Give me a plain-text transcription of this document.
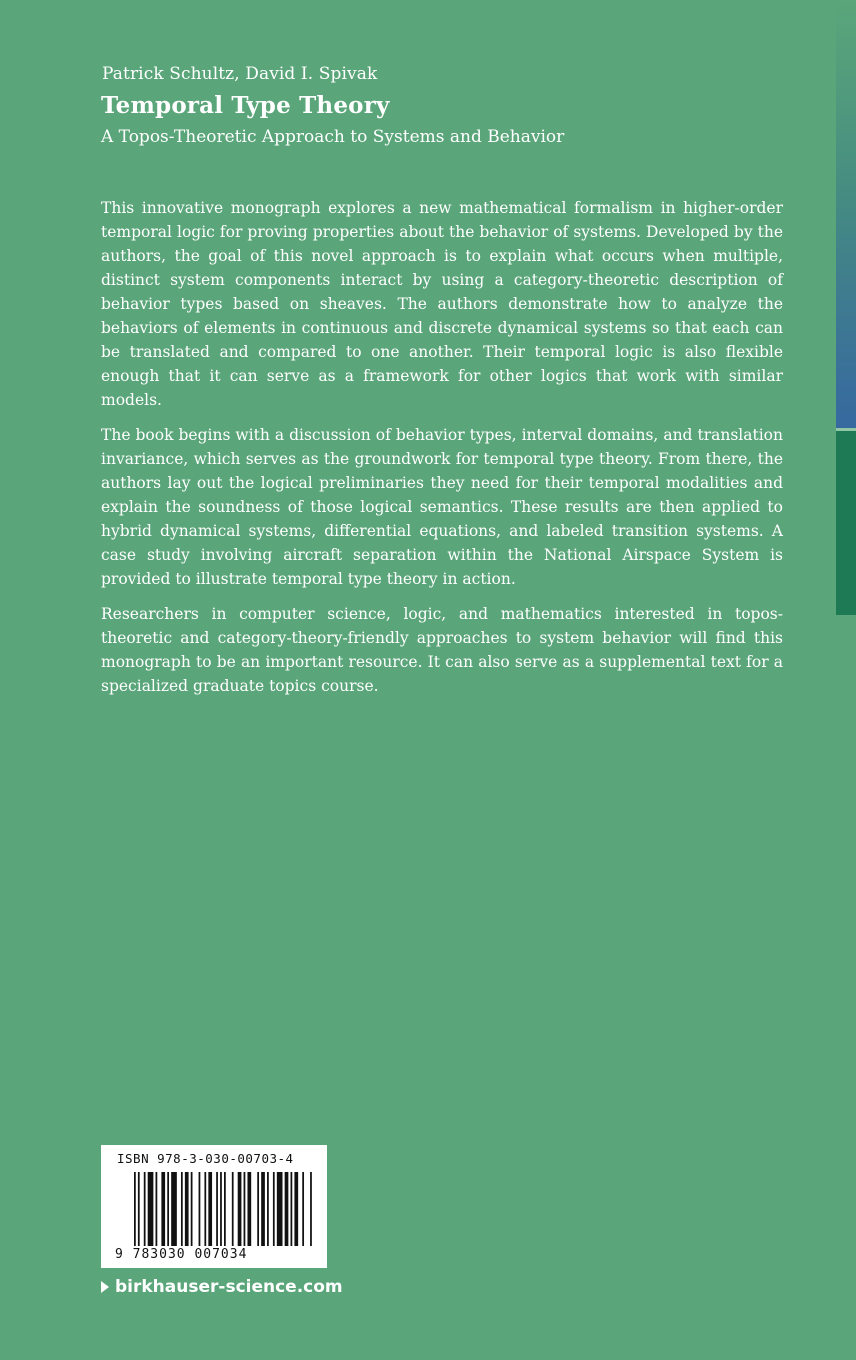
Patrick Schultz, David I. Spivak
Temporal Type Theory
A Topos-Theoretic Approach to Systems and Behavior

This innovative monograph explores a new mathematical formalism in higher-order temporal logic for proving properties about the behavior of systems. Developed by the authors, the goal of this novel approach is to explain what occurs when multiple, distinct system components interact by using a category-theoretic description of behavior types based on sheaves. The authors demonstrate how to analyze the behaviors of elements in continuous and discrete dynamical systems so that each can be translated and compared to one another. Their temporal logic is also flexible enough that it can serve as a framework for other logics that work with similar models.

The book begins with a discussion of behavior types, interval domains, and translation invariance, which serves as the groundwork for temporal type theory. From there, the authors lay out the logical preliminaries they need for their temporal modalities and explain the soundness of those logical semantics. These results are then applied to hybrid dynamical systems, differential equations, and labeled transition systems. A case study involving aircraft separation within the National Airspace System is provided to illustrate temporal type theory in action.

Researchers in computer science, logic, and mathematics interested in topos-theoretic and category-theory-friendly approaches to system behavior will find this monograph to be an important resource. It can also serve as a supplemental text for a specialized graduate topics course.

ISBN 978-3-030-00703-4
9 783030 007034
birkhauser-science.com
